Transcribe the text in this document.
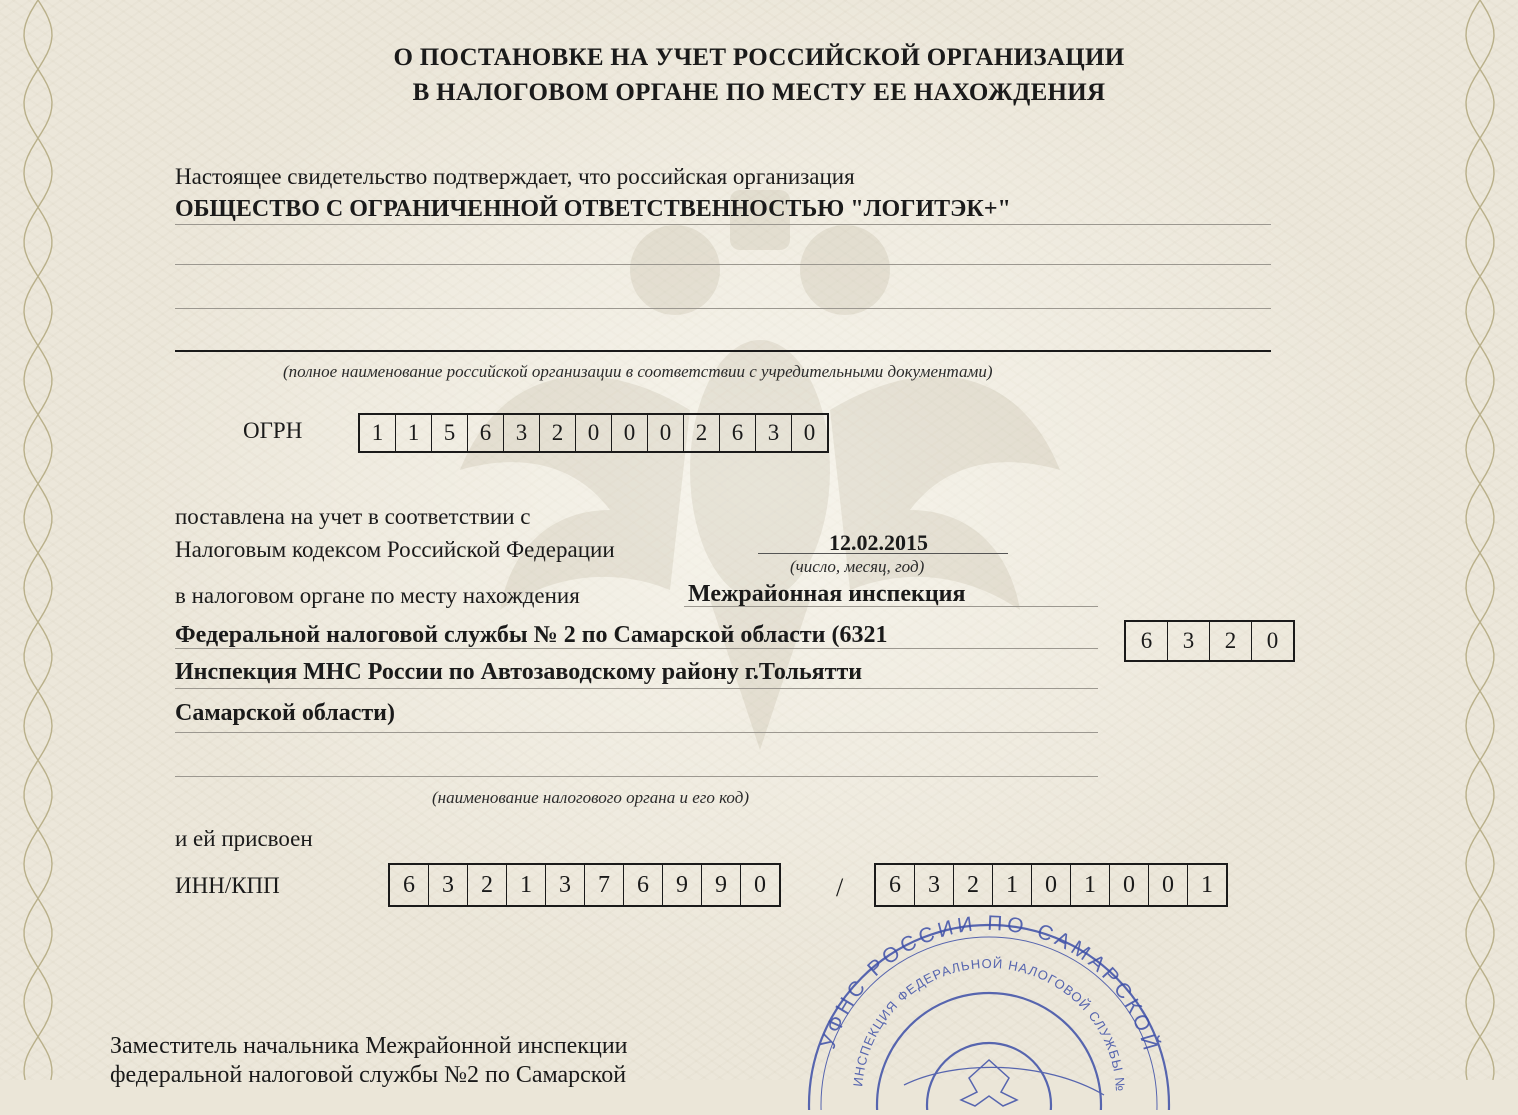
О ПОСТАНОВКЕ НА УЧЕТ РОССИЙСКОЙ ОРГАНИЗАЦИИ
В НАЛОГОВОМ ОРГАНЕ ПО МЕСТУ ЕЕ НАХОЖДЕНИЯ
Настоящее свидетельство подтверждает, что российская организация
ОБЩЕСТВО С ОГРАНИЧЕННОЙ ОТВЕТСТВЕННОСТЬЮ "ЛОГИТЭК+"
(полное наименование российской организации в соответствии с учредительными документами)
ОГРН	1	1	5	6	3	2	0	0	0	2	6	3	0
поставлена на учет в соответствии с
Налоговым кодексом Российской Федерации	12.02.2015
(число, месяц, год)
в налоговом органе по месту нахождения	Межрайонная инспекция
Федеральной налоговой службы № 2 по Самарской области (6321
Инспекция МНС России по Автозаводскому району г.Тольятти
Самарской области)
6	3	2	0
(наименование налогового органа и его код)
и ей присвоен
ИНН/КПП	6	3	2	1	3	7	6	9	9	0	/	6	3	2	1	0	1	0	0	1
Заместитель начальника Межрайонной инспекции
федеральной налоговой службы №2 по Самарской
УФНС РОССИИ ПО САМАРСКОЙ
ИНСПЕКЦИЯ ФЕДЕРАЛЬНОЙ НАЛОГОВОЙ СЛУЖБЫ №
